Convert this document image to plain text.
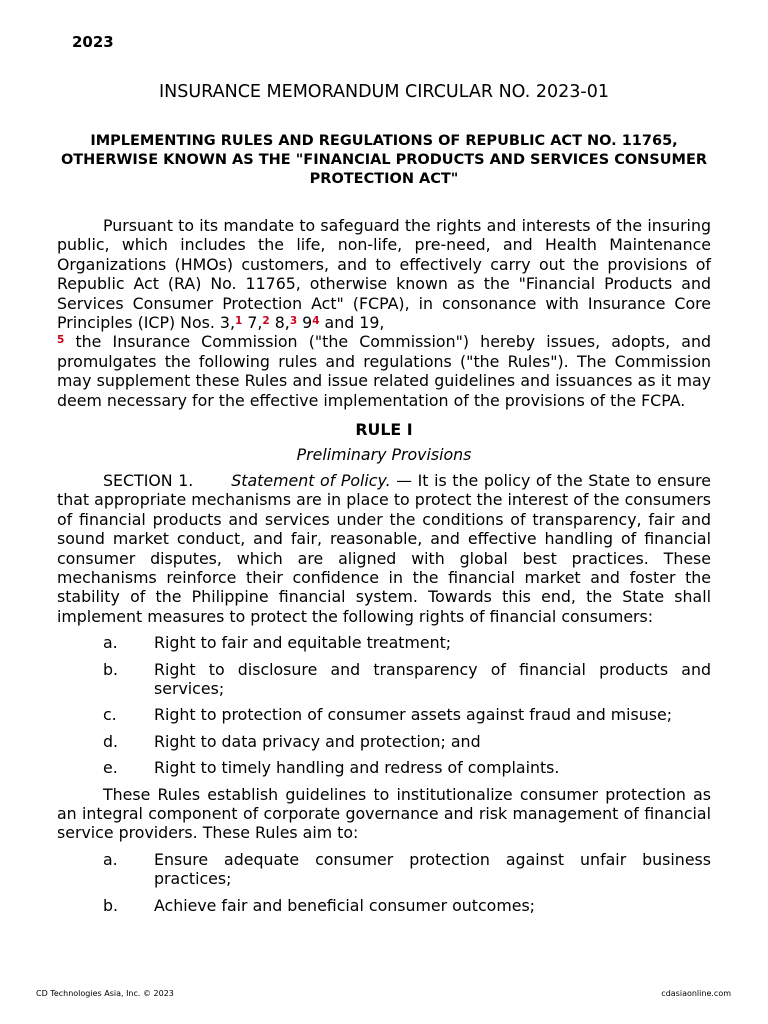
2023
INSURANCE MEMORANDUM CIRCULAR NO. 2023-01
IMPLEMENTING RULES AND REGULATIONS OF REPUBLIC ACT NO. 11765, OTHERWISE KNOWN AS THE "FINANCIAL PRODUCTS AND SERVICES CONSUMER PROTECTION ACT"

Pursuant to its mandate to safeguard the rights and interests of the insuring public, which includes the life, non-life, pre-need, and Health Maintenance Organizations (HMOs) customers, and to effectively carry out the provisions of Republic Act (RA) No. 11765, otherwise known as the "Financial Products and Services Consumer Protection Act" (FCPA), in consonance with Insurance Core Principles (ICP) Nos. 3,$^1$ 7,$^2$ 8,$^3$ 9$^4$ and 19,
$^5$ the Insurance Commission ("the Commission") hereby issues, adopts, and promulgates the following rules and regulations ("the Rules"). The Commission may supplement these Rules and issue related guidelines and issuances as it may deem necessary for the effective implementation of the provisions of the FCPA.

RULE I
Preliminary Provisions

SECTION 1. Statement of Policy. — It is the policy of the State to ensure that appropriate mechanisms are in place to protect the interest of the consumers of financial products and services under the conditions of transparency, fair and sound market conduct, and fair, reasonable, and effective handling of financial consumer disputes, which are aligned with global best practices. These mechanisms reinforce their confidence in the financial market and foster the stability of the Philippine financial system. Towards this end, the State shall implement measures to protect the following rights of financial consumers:

a.	Right to fair and equitable treatment;
b.	Right to disclosure and transparency of financial products and services;
c.	Right to protection of consumer assets against fraud and misuse;
d.	Right to data privacy and protection; and
e.	Right to timely handling and redress of complaints.

These Rules establish guidelines to institutionalize consumer protection as an integral component of corporate governance and risk management of financial service providers. These Rules aim to:

a.	Ensure adequate consumer protection against unfair business practices;
b.	Achieve fair and beneficial consumer outcomes;
CD Technologies Asia, Inc. © 2023	cdasiaonline.com
